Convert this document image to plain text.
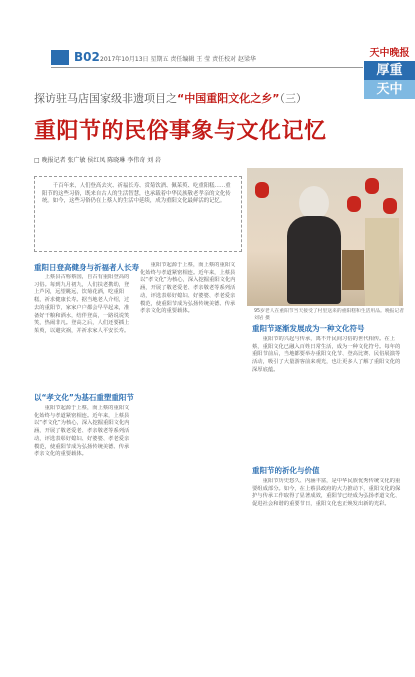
B02 2017年10月13日 星期五 责任编辑 王 莹 责任校对 赵梁华
天中晚报
厚重
天中
探访驻马店国家级非遗项目之“中国重阳文化之乡”（三）
重阳节的民俗事象与文化记忆
□ 晚报记者 张广敏 侯红凤 陈晓琳 李伟奇 刘 岩

千百年来，人们登高去灾、祈福长寿、赏菊饮酒、佩茱萸、吃重阳糕……重阳节的这些习俗，既来自古人的生活智慧，也承载着中华民族敬老孝亲的文化传统。如今，这些习俗仍在上蔡人的生活中延续，成为重阳文化最鲜活的记忆。

95岁老人在重阳节当天接受了村里送来的重阳糕和生活用品。晚报记者 刘岩 摄
重阳日登高健身与祈福者人长寿

上蔡县古称蔡国，自古有重阳登高的习俗。每到九月初九，人们扶老携幼，登上芦冈，远望眺远，饮菊花酒，吃重阳糕，祈求健康长寿。据当地老人介绍，过去的重阳节，家家户户都会早早起来，准备好干粮和酒水，结伴登高，一路说说笑笑，热闹非凡。登高之后，人们还要插上茱萸，以避灾祸，并祈求家人平安长寿。

以“孝文化”为基石重塑重阳节

重阳节起源于上蔡，而上蔡的重阳文化始终与孝道紧密相连。近年来，上蔡县以“孝文化”为核心，深入挖掘重阳文化内涵，开展了敬老爱老、孝亲敬老等系列活动，评选表彰好媳妇、好婆婆、孝老爱亲模范，使重阳节成为弘扬传统美德、传承孝亲文化的重要载体。

重阳节起源于上蔡，而上蔡的重阳文化始终与孝道紧密相连。近年来，上蔡县以“孝文化”为核心，深入挖掘重阳文化内涵，开展了敬老爱老、孝亲敬老等系列活动，评选表彰好媳妇、好婆婆、孝老爱亲模范，使重阳节成为弘扬传统美德、传承孝亲文化的重要载体。

重阳节逐渐发展成为一种文化符号

重阳节的兴起与传承，离不开民间习俗的世代相传。在上蔡，重阳文化已融入百姓日常生活，成为一种文化符号。每年的重阳节前后，当地都要举办重阳文化节、登高比赛、民俗展演等活动，吸引了大量游客前来观光，也让更多人了解了重阳文化的深厚底蕴。

重阳节的祈化与价值

重阳节历史悠久、内涵丰富，是中华民族优秀传统文化的重要组成部分。如今，在上蔡县政府的大力推动下，重阳文化的保护与传承工作取得了显著成效，重阳节已经成为弘扬孝道文化、促进社会和谐的重要节日，重阳文化也正焕发出新的光彩。
